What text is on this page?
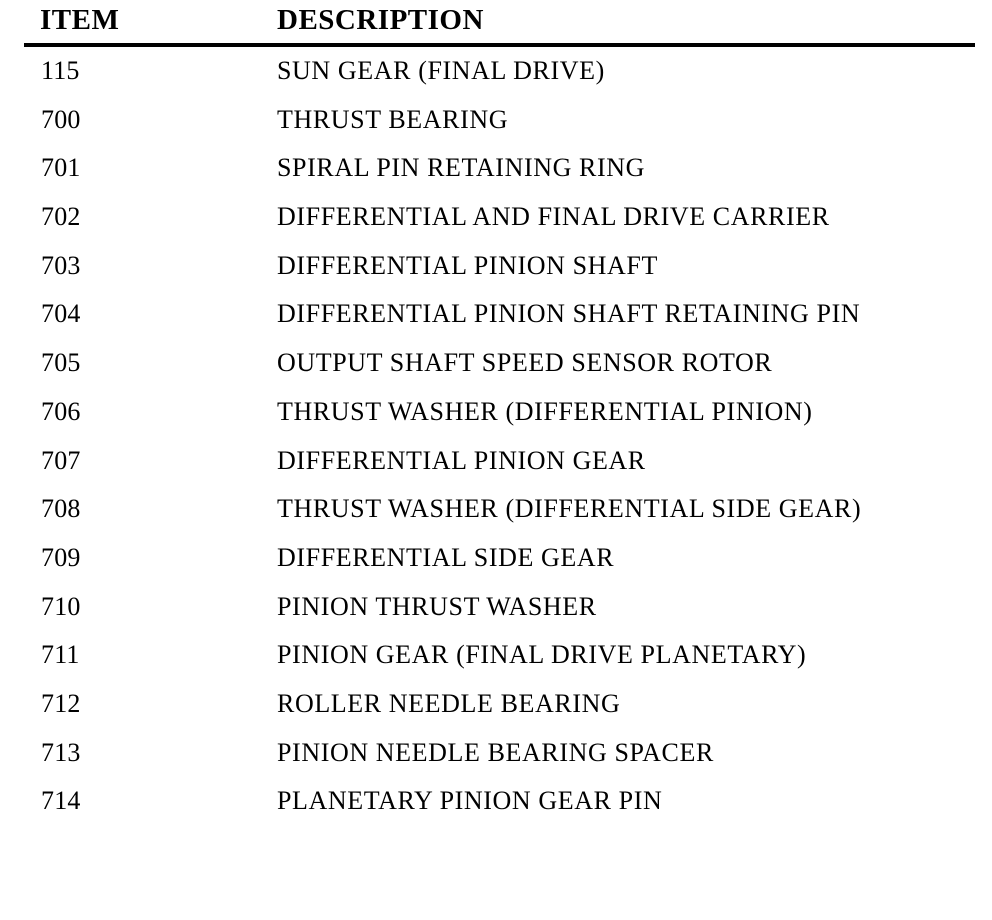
ITEM	DESCRIPTION
115	SUN GEAR (FINAL DRIVE)
700	THRUST BEARING
701	SPIRAL PIN RETAINING RING
702	DIFFERENTIAL AND FINAL DRIVE CARRIER
703	DIFFERENTIAL PINION SHAFT
704	DIFFERENTIAL PINION SHAFT RETAINING PIN
705	OUTPUT SHAFT SPEED SENSOR ROTOR
706	THRUST WASHER (DIFFERENTIAL PINION)
707	DIFFERENTIAL PINION GEAR
708	THRUST WASHER (DIFFERENTIAL SIDE GEAR)
709	DIFFERENTIAL SIDE GEAR
710	PINION THRUST WASHER
711	PINION GEAR (FINAL DRIVE PLANETARY)
712	ROLLER NEEDLE BEARING
713	PINION NEEDLE BEARING SPACER
714	PLANETARY PINION GEAR PIN
